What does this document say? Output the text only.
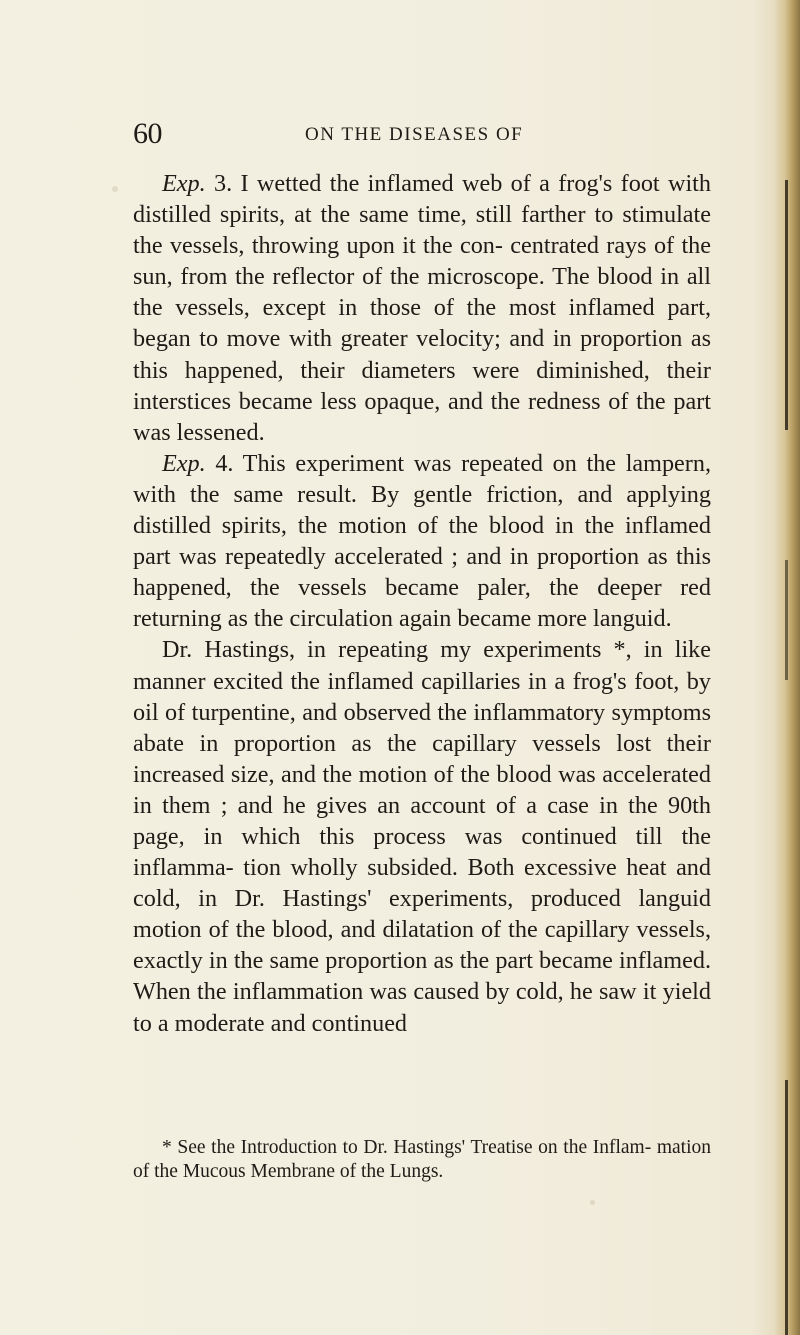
60	ON THE DISEASES OF

Exp. 3. I wetted the inflamed web of a frog's foot with distilled spirits, at the same time, still farther to stimulate the vessels, throwing upon it the con- centrated rays of the sun, from the reflector of the microscope. The blood in all the vessels, except in those of the most inflamed part, began to move with greater velocity; and in proportion as this happened, their diameters were diminished, their interstices became less opaque, and the redness of the part was lessened.

Exp. 4. This experiment was repeated on the lampern, with the same result. By gentle friction, and applying distilled spirits, the motion of the blood in the inflamed part was repeatedly accelerated ; and in proportion as this happened, the vessels became paler, the deeper red returning as the circulation again became more languid.

Dr. Hastings, in repeating my experiments *, in like manner excited the inflamed capillaries in a frog's foot, by oil of turpentine, and observed the inflammatory symptoms abate in proportion as the capillary vessels lost their increased size, and the motion of the blood was accelerated in them ; and he gives an account of a case in the 90th page, in which this process was continued till the inflamma- tion wholly subsided. Both excessive heat and cold, in Dr. Hastings' experiments, produced languid motion of the blood, and dilatation of the capillary vessels, exactly in the same proportion as the part became inflamed. When the inflammation was caused by cold, he saw it yield to a moderate and continued

* See the Introduction to Dr. Hastings' Treatise on the Inflam- mation of the Mucous Membrane of the Lungs.
